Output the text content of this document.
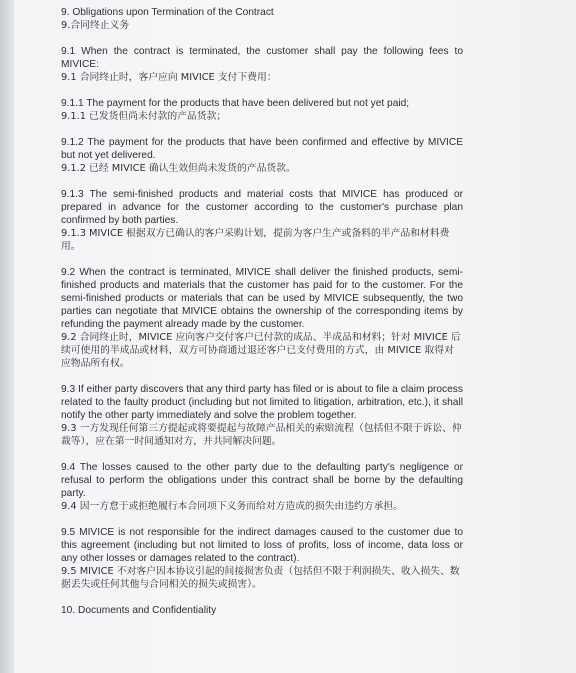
9. Obligations upon Termination of the Contract

9.合同终止义务

9.1 When the contract is terminated, the customer shall pay the following fees to MIVICE:

9.1 合同终止时，客户应向 MIVICE 支付下费用：

9.1.1 The payment for the products that have been delivered but not yet paid;

9.1.1 已发货但尚未付款的产品货款；

9.1.2 The payment for the products that have been confirmed and effective by MIVICE but not yet delivered.

9.1.2 已经 MIVICE 确认生效但尚未发货的产品货款。

9.1.3 The semi-finished products and material costs that MIVICE has produced or prepared in advance for the customer according to the customer's purchase plan confirmed by both parties.

9.1.3 MIVICE 根据双方已确认的客户采购计划，提前为客户生产或备料的半产品和材料费用。

9.2 When the contract is terminated, MIVICE shall deliver the finished products, semi-finished products and materials that the customer has paid for to the customer. For the semi-finished products or materials that can be used by MIVICE subsequently, the two parties can negotiate that MIVICE obtains the ownership of the corresponding items by refunding the payment already made by the customer.

9.2 合同终止时，MIVICE 应向客户交付客户已付款的成品、半成品和材料；针对 MIVICE 后续可使用的半成品或材料，双方可协商通过退还客户已支付费用的方式，由 MIVICE 取得对应物品所有权。

9.3 If either party discovers that any third party has filed or is about to file a claim process related to the faulty product (including but not limited to litigation, arbitration, etc.), it shall notify the other party immediately and solve the problem together.

9.3 一方发现任何第三方提起或将要提起与故障产品相关的索赔流程（包括但不限于诉讼、仲裁等），应在第一时间通知对方，并共同解决问题。

9.4 The losses caused to the other party due to the defaulting party's negligence or refusal to perform the obligations under this contract shall be borne by the defaulting party.

9.4 因一方怠于或拒绝履行本合同项下义务而给对方造成的损失由违约方承担。

9.5 MIVICE is not responsible for the indirect damages caused to the customer due to this agreement (including but not limited to loss of profits, loss of income, data loss or any other losses or damages related to the contract).

9.5 MIVICE 不对客户因本协议引起的间接损害负责（包括但不限于利润损失、收入损失、数据丢失或任何其他与合同相关的损失或损害）。

10. Documents and Confidentiality
